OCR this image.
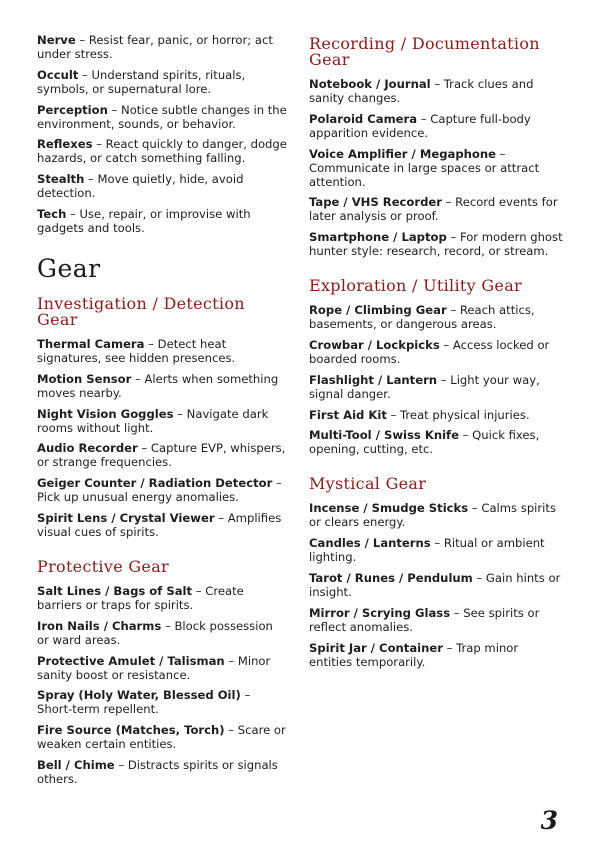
Nerve – Resist fear, panic, or horror; act under stress.
Occult – Understand spirits, rituals, symbols, or supernatural lore.
Perception – Notice subtle changes in the environment, sounds, or behavior.
Reflexes – React quickly to danger, dodge hazards, or catch something falling.
Stealth – Move quietly, hide, avoid detection.
Tech – Use, repair, or improvise with gadgets and tools.
Gear
Investigation / Detection Gear
Thermal Camera – Detect heat signatures, see hidden presences.
Motion Sensor – Alerts when something moves nearby.
Night Vision Goggles – Navigate dark rooms without light.
Audio Recorder – Capture EVP, whispers, or strange frequencies.
Geiger Counter / Radiation Detector – Pick up unusual energy anomalies.
Spirit Lens / Crystal Viewer – Amplifies visual cues of spirits.
Protective Gear
Salt Lines / Bags of Salt – Create barriers or traps for spirits.
Iron Nails / Charms – Block possession or ward areas.
Protective Amulet / Talisman – Minor sanity boost or resistance.
Spray (Holy Water, Blessed Oil) – Short-term repellent.
Fire Source (Matches, Torch) – Scare or weaken certain entities.
Bell / Chime – Distracts spirits or signals others.
Recording / Documentation Gear
Notebook / Journal – Track clues and sanity changes.
Polaroid Camera – Capture full-body apparition evidence.
Voice Amplifier / Megaphone – Communicate in large spaces or attract attention.
Tape / VHS Recorder – Record events for later analysis or proof.
Smartphone / Laptop – For modern ghost hunter style: research, record, or stream.
Exploration / Utility Gear
Rope / Climbing Gear – Reach attics, basements, or dangerous areas.
Crowbar / Lockpicks – Access locked or boarded rooms.
Flashlight / Lantern – Light your way, signal danger.
First Aid Kit – Treat physical injuries.
Multi-Tool / Swiss Knife – Quick fixes, opening, cutting, etc.
Mystical Gear
Incense / Smudge Sticks – Calms spirits or clears energy.
Candles / Lanterns – Ritual or ambient lighting.
Tarot / Runes / Pendulum – Gain hints or insight.
Mirror / Scrying Glass – See spirits or reflect anomalies.
Spirit Jar / Container – Trap minor entities temporarily.
3
